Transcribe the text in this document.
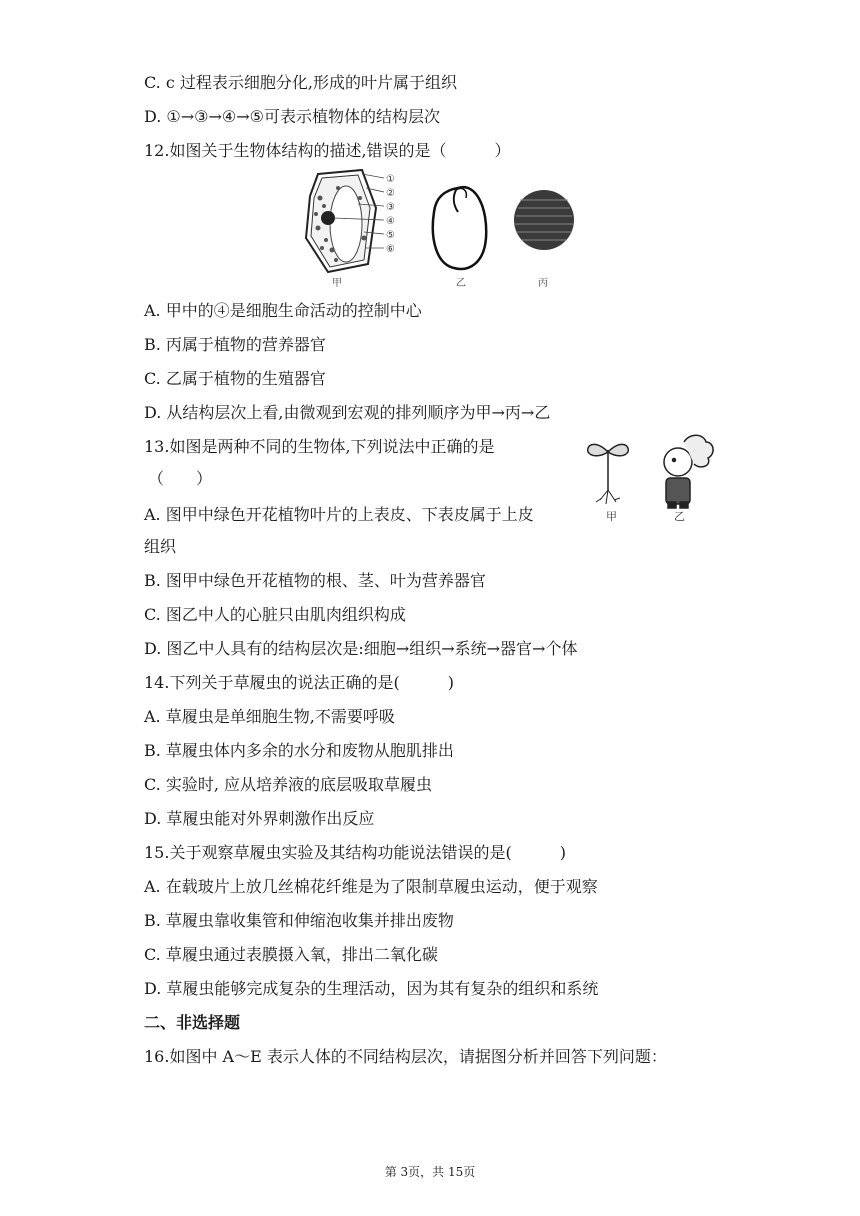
C. c 过程表示细胞分化,形成的叶片属于组织
D. ①→③→④→⑤可表示植物体的结构层次
12.如图关于生物体结构的描述,错误的是（　　　）
①
②
③
④
⑤
⑥
甲	乙	丙
A. 甲中的④是细胞生命活动的控制中心
B. 丙属于植物的营养器官
C. 乙属于植物的生殖器官
D. 从结构层次上看,由微观到宏观的排列顺序为甲→丙→乙
13.如图是两种不同的生物体,下列说法中正确的是
（　　）
甲	乙
A. 图甲中绿色开花植物叶片的上表皮、下表皮属于上皮
组织
B. 图甲中绿色开花植物的根、茎、叶为营养器官
C. 图乙中人的心脏只由肌肉组织构成
D. 图乙中人具有的结构层次是:细胞→组织→系统→器官→个体
14.下列关于草履虫的说法正确的是(　　　)
A. 草履虫是单细胞生物,不需要呼吸
B. 草履虫体内多余的水分和废物从胞肌排出
C. 实验时, 应从培养液的底层吸取草履虫
D. 草履虫能对外界刺激作出反应
15.关于观察草履虫实验及其结构功能说法错误的是(　　　)
A. 在载玻片上放几丝棉花纤维是为了限制草履虫运动，便于观察
B. 草履虫靠收集管和伸缩泡收集并排出废物
C. 草履虫通过表膜摄入氧，排出二氧化碳
D. 草履虫能够完成复杂的生理活动，因为其有复杂的组织和系统
二、非选择题
16.如图中 A～E 表示人体的不同结构层次，请据图分析并回答下列问题：
第 3页，共 15页
